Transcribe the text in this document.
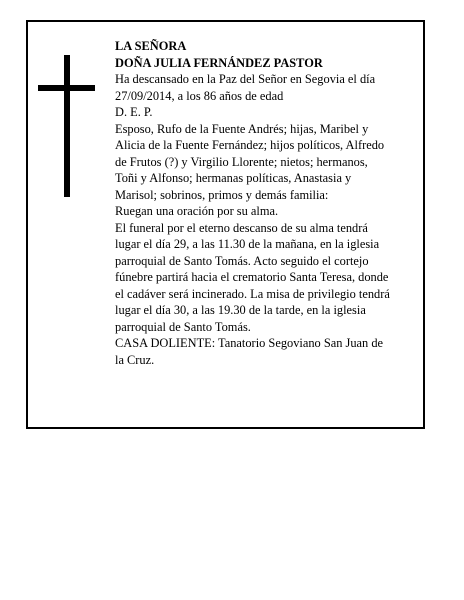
LA SEÑORA
DOÑA JULIA FERNÁNDEZ PASTOR
Ha descansado en la Paz del Señor en Segovia el día
27/09/2014, a los 86 años de edad
D. E. P.
Esposo, Rufo de la Fuente Andrés; hijas, Maribel y
Alicia de la Fuente Fernández; hijos políticos, Alfredo
de Frutos (?) y Virgilio Llorente; nietos; hermanos,
Toñi y Alfonso; hermanas políticas, Anastasia y
Marisol; sobrinos, primos y demás familia:
Ruegan una oración por su alma.
El funeral por el eterno descanso de su alma tendrá
lugar el día 29, a las 11.30 de la mañana, en la iglesia
parroquial de Santo Tomás. Acto seguido el cortejo
fúnebre partirá hacia el crematorio Santa Teresa, donde
el cadáver será incinerado. La misa de privilegio tendrá
lugar el día 30, a las 19.30 de la tarde, en la iglesia
parroquial de Santo Tomás.
CASA DOLIENTE: Tanatorio Segoviano San Juan de
la Cruz.
